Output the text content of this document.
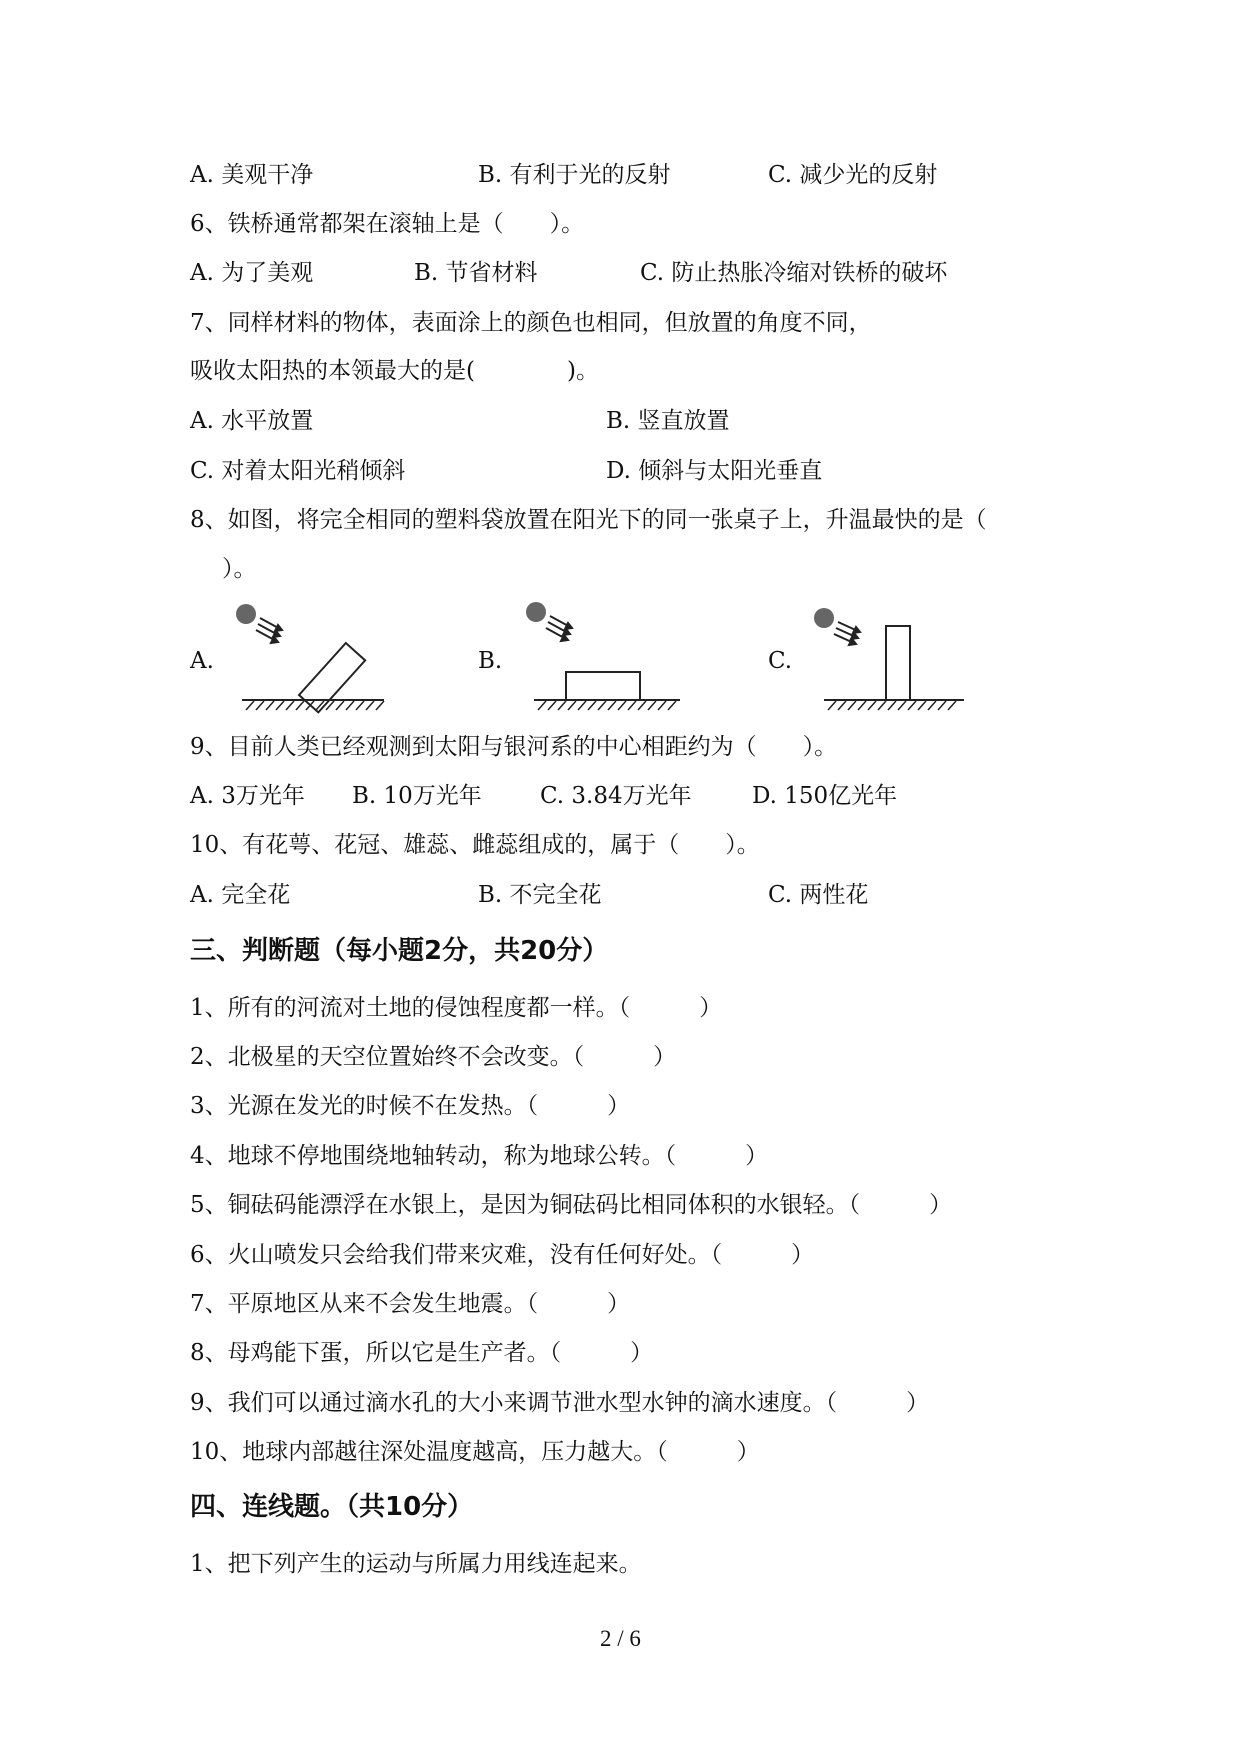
A. 美观干净	B. 有利于光的反射	C. 减少光的反射
6、铁桥通常都架在滚轴上是（　　）。
A. 为了美观	B. 节省材料	C. 防止热胀冷缩对铁桥的破坏
7、同样材料的物体，表面涂上的颜色也相同，但放置的角度不同，
吸收太阳热的本领最大的是(　　　　)。
A. 水平放置	B. 竖直放置
C. 对着太阳光稍倾斜	D. 倾斜与太阳光垂直
8、如图，将完全相同的塑料袋放置在阳光下的同一张桌子上，升温最快的是（
）。
A.	B.	C.
9、目前人类已经观测到太阳与银河系的中心相距约为（　　）。
A. 3万光年 B. 10万光年	C. 3.84万光年	D. 150亿光年
10、有花萼、花冠、雄蕊、雌蕊组成的，属于（　　）。
A. 完全花	B. 不完全花	C. 两性花
三、判断题（每小题2分，共20分）
1、所有的河流对土地的侵蚀程度都一样。（　　　）
2、北极星的天空位置始终不会改变。（　　　）
3、光源在发光的时候不在发热。（　　　）
4、地球不停地围绕地轴转动，称为地球公转。（　　　）
5、铜砝码能漂浮在水银上，是因为铜砝码比相同体积的水银轻。（　　　）
6、火山喷发只会给我们带来灾难，没有任何好处。（　　　）
7、平原地区从来不会发生地震。（　　　）
8、母鸡能下蛋，所以它是生产者。（　　　）
9、我们可以通过滴水孔的大小来调节泄水型水钟的滴水速度。（　　　）
10、地球内部越往深处温度越高，压力越大。（　　　）
四、连线题。（共10分）
1、把下列产生的运动与所属力用线连起来。
2 / 6
